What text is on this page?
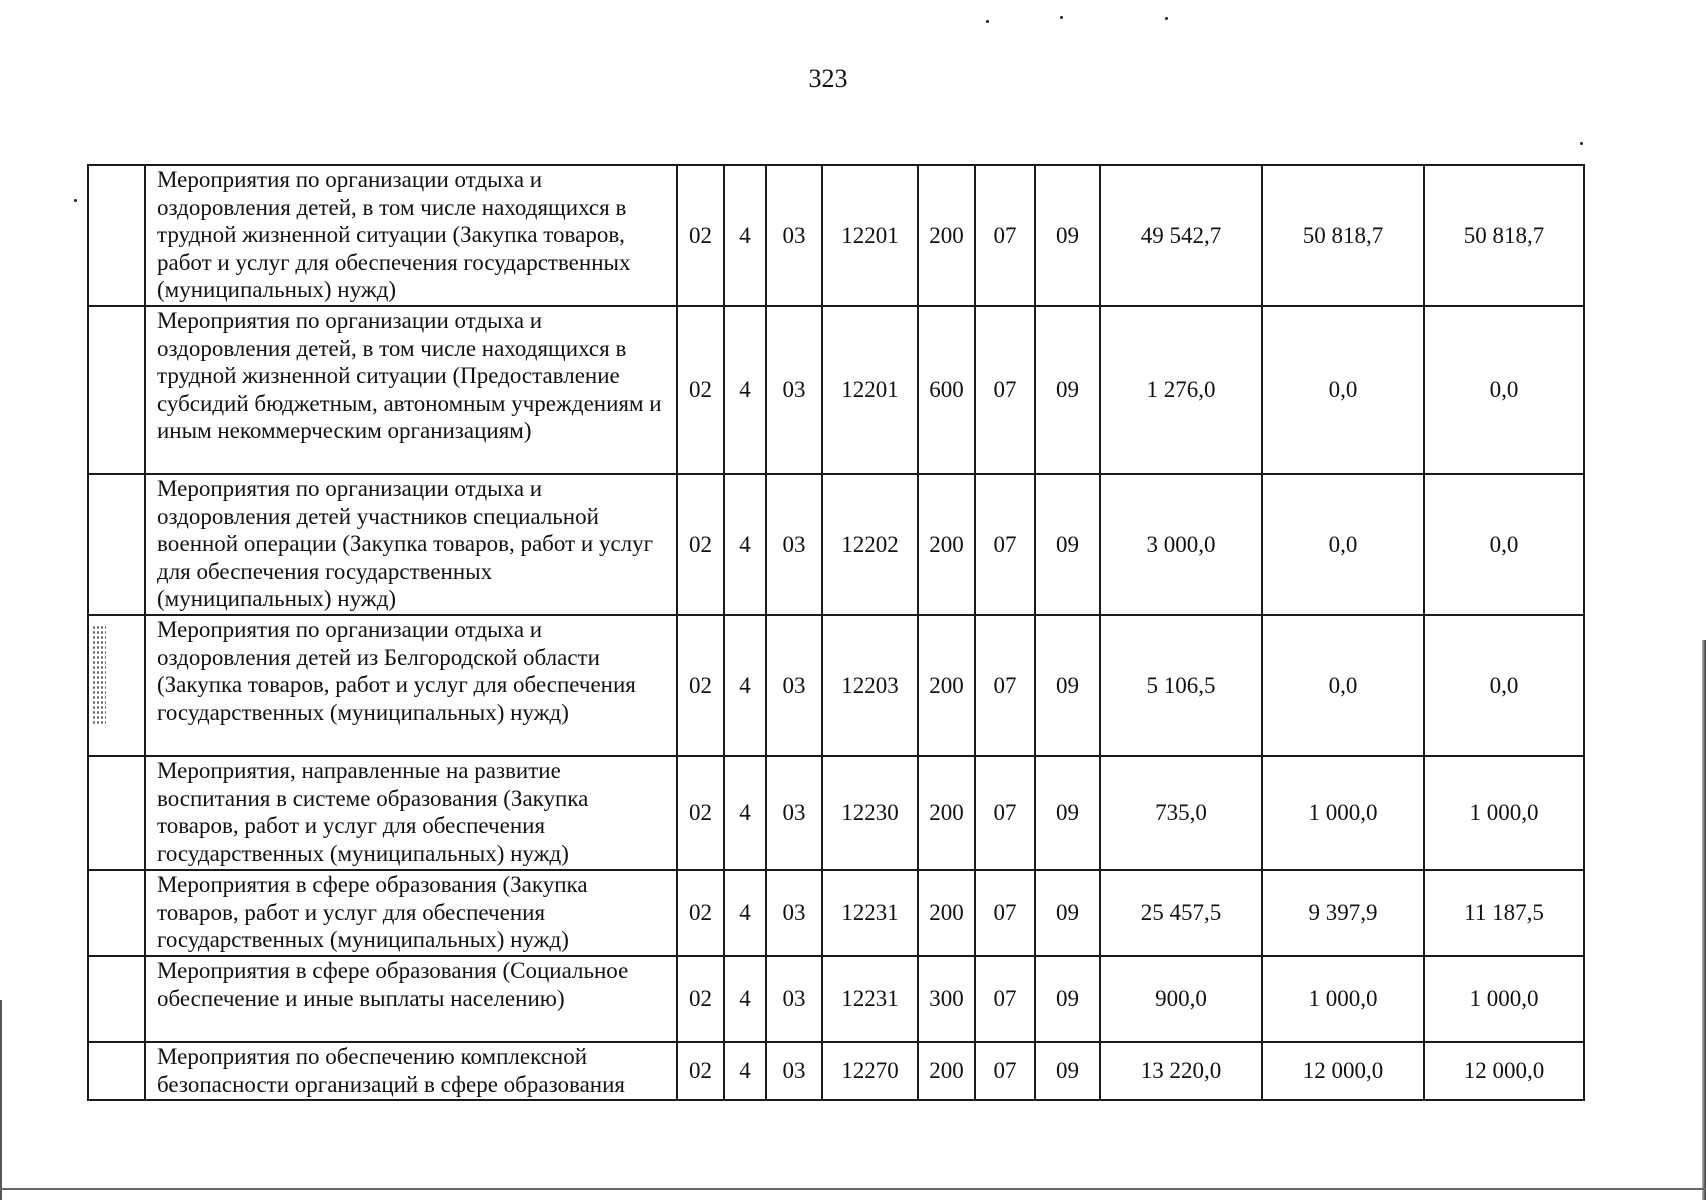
323
	Мероприятия по организации отдыха и оздоровления детей, в том числе находящихся в трудной жизненной ситуации (Закупка товаров, работ и услуг для обеспечения государственных (муниципальных) нужд)	02	4	03	12201	200	07	09	49 542,7	50 818,7	50 818,7
	Мероприятия по организации отдыха и оздоровления детей, в том числе находящихся в трудной жизненной ситуации (Предоставление субсидий бюджетным, автономным учреждениям и иным некоммерческим организациям)	02	4	03	12201	600	07	09	1 276,0	0,0	0,0
	Мероприятия по организации отдыха и оздоровления детей участников специальной военной операции (Закупка товаров, работ и услуг для обеспечения государственных (муниципальных) нужд)	02	4	03	12202	200	07	09	3 000,0	0,0	0,0
	Мероприятия по организации отдыха и оздоровления детей из Белгородской области (Закупка товаров, работ и услуг для обеспечения государственных (муниципальных) нужд)	02	4	03	12203	200	07	09	5 106,5	0,0	0,0
	Мероприятия, направленные на развитие воспитания в системе образования (Закупка товаров, работ и услуг для обеспечения государственных (муниципальных) нужд)	02	4	03	12230	200	07	09	735,0	1 000,0	1 000,0
	Мероприятия в сфере образования (Закупка товаров, работ и услуг для обеспечения государственных (муниципальных) нужд)	02	4	03	12231	200	07	09	25 457,5	9 397,9	11 187,5
	Мероприятия в сфере образования (Социальное обеспечение и иные выплаты населению)	02	4	03	12231	300	07	09	900,0	1 000,0	1 000,0
	Мероприятия по обеспечению комплексной безопасности организаций в сфере образования	02	4	03	12270	200	07	09	13 220,0	12 000,0	12 000,0
